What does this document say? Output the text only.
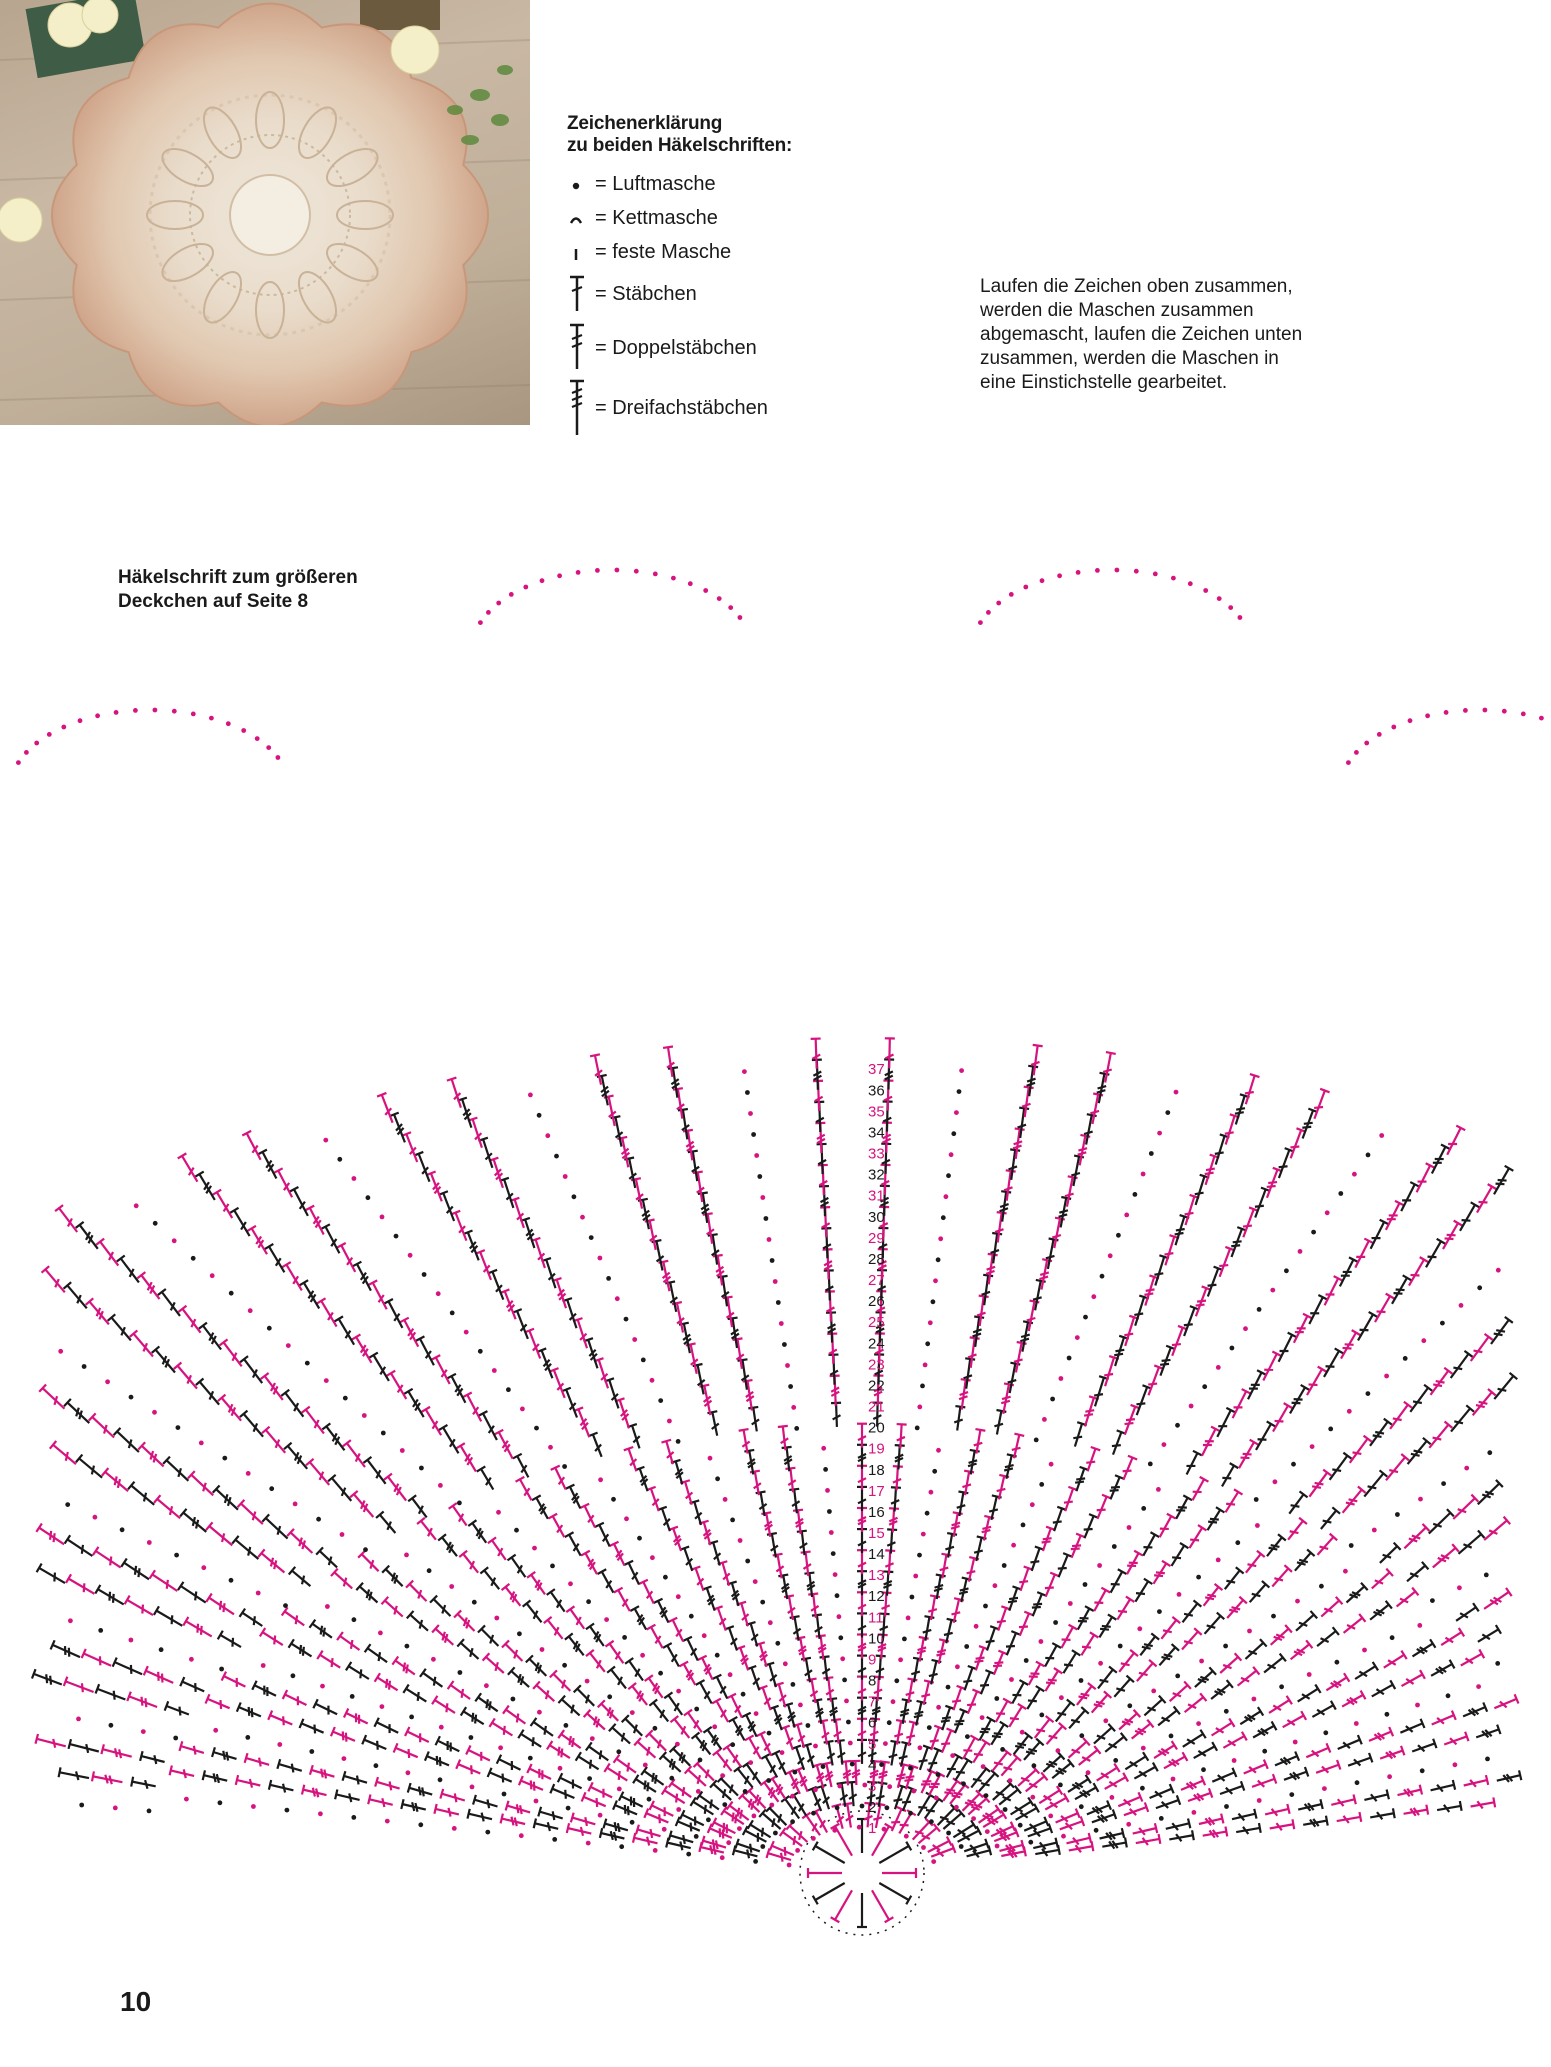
Zeichenerklärung
zu beiden Häkelschriften:
= Luftmasche
= Kettmasche
= feste Masche
= Stäbchen
= Doppelstäbchen
= Dreifachstäbchen
Laufen die Zeichen oben zusammen, werden die Maschen zusammen abgemascht, laufen die Zeichen unten zusammen, werden die Maschen in eine Einstichstelle gearbeitet.
Häkelschrift zum größeren
Deckchen auf Seite 8
1
2
3
4
5
6
7
8
9
10
11
12
13
14
15
16
17
18
19
20
21
22
23
24
25
26
27
28
29
30
31
32
33
34
35
36
37
10
